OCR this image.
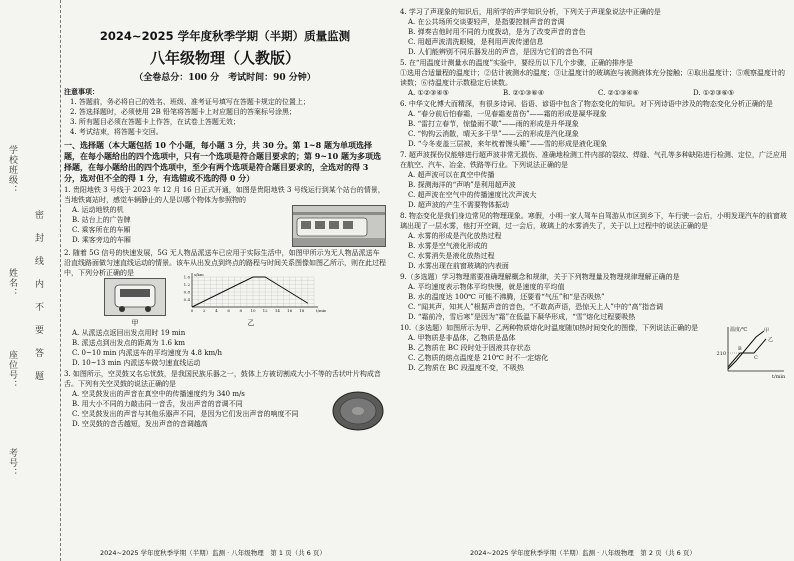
学校班级：
姓名：
座位号：
考号：
密封线内不要答题
2024~2025 学年度秋季学期（半期）质量监测
八年级物理（人教版）
（全卷总分：100 分　考试时间：90 分钟）
注意事项：
1. 答题前，务必将自己的姓名、班级、准考证号填写在答题卡规定的位置上；
2. 答选择题时，必须使用 2B 铅笔将答题卡上对应题目的答案标号涂黑；
3. 所有题目必须在答题卡上作答，在试卷上答题无效；
4. 考试结束，将答题卡交回。
一、选择题（本大题包括 10 个小题，每小题 3 分，共 30 分。第 1~8 题为单项选择题，在每小题给出的四个选项中，只有一个选项是符合题目要求的；第 9~10 题为多项选择题，在每小题给出的四个选项中，至少有两个选项是符合题目要求的，全选对的得 3 分，选对但不全的得 1 分，有选错或不选的得 0 分）
1. 贵阳地铁 3 号线于 2023 年 12 月 16 日正式开通，如图是贵阳地铁 3 号线运行到某个站台的情景，当地铁离站时，感觉车辆静止的人是以哪个物体为参照物的
A. 运动地铁的机
B. 站台上的广告牌
C. 乘客所在的车厢
D. 乘客旁边的车厢
2. 随着 5G 信号的快速发展，5G 无人物品派送车已应用于实际生活中，如图甲所示为无人物品派送车沿直线路面做匀速直线运动的情景。该车从出发点到终点的路程与时间关系图像如图乙所示，则在此过程中，下列分析正确的是
甲
0 2 4 6 8 10 12 14 16 18
0.4
0.8
1.2
1.6
t/min
s/km
乙
A. 从派送点返回出发点用时 19 min
B. 派送点到出发点的距离为 1.6 km
C. 0~10 min 内派送车的平均速度为 4.8 km/h
D. 10~13 min 内派送车做匀速直线运动
3. 如图所示，空灵鼓又名忘忧鼓，是我国民族乐器之一，鼓体上方被切割成大小不等的舌状叶片构成音舌。下列有关空灵鼓的说法正确的是
A. 空灵鼓发出的声音在真空中的传播速度约为 340 m/s
B. 用大小不同的力敲击同一音舌，发出声音的音调不同
C. 空灵鼓发出的声音与其他乐器声不同，是因为它们发出声音的响度不同
D. 空灵鼓的音舌越短，发出声音的音调越高
4. 学习了声现象的知识后，用所学的声学知识分析，下列关于声现象说法中正确的是
A. 在公共场所交谈要轻声，是指要控制声音的音调
B. 弹奏吉他时用不同的力度拨动，是为了改变声音的音色
C. 用超声波清洗眼镜，是利用声波传递信息
D. 人们能辨别不同乐器发出的声音，是因为它们的音色不同
5. 在“用温度计测量水的温度”实验中，要经历以下几个步骤，正确的排序是
①选用合适量程的温度计；②估计被测水的温度；③让温度计的玻璃泡与被测液体充分接触；④取出温度计；⑤观察温度计的读数；⑥待温度计示数稳定后读数。
A. ①②③④⑤	B. ②①③⑥④	C. ②①③④⑥	D. ①②③⑥⑤
6. 中华文化博大而精深，有很多诗词、俗语、谚语中包含了物态变化的知识。对下列诗语中涉及的物态变化分析正确的是
A. “春分前后怕春霜，一见春霜麦苗伤”——霜的形成是凝华现象
B. “雷打立春节，惊蛰雨不歇”——雨的形成是升华现象
C. “钩钩云消散，晴天多干旱”——云的形成是汽化现象
D. “今冬麦盖三层被，来年枕着馒头睡”——雪的形成是液化现象
7. 超声波探伤仪能够进行超声波非常无损伤、准确地检测工件内部的裂纹、焊缝、气孔等多种缺陷进行检测、定位，广泛应用在航空、汽车、冶金、铁路等行业。下列说法正确的是
A. 超声波可以在真空中传播
B. 探测海洋的“声呐”是利用超声波
C. 超声波在空气中的传播速度比次声波大
D. 超声波的产生不需要物体振动
8. 物态变化是我们身边常见的物理现象。寒假，小明一家人驾车自驾游从市区到乡下，车行驶一会后，小明发现汽车的前窗玻璃出现了一层水雾，他打开空调，过一会后，玻璃上的水雾消失了，关于以上过程中的说法正确的是
A. 水雾的形成是汽化放热过程
B. 水雾是空气液化形成的
C. 水雾消失是液化放热过程
D. 水雾出现在前窗玻璃的内表面
9.（多选题）学习物理需要准确理解概念和规律，关于下列物理量及物理规律理解正确的是
A. 平均速度表示物体平均快慢，就是速度的平均值
B. 水的温度达 100℃ 可能不沸腾，还要看“气压”和“是否吸热”
C. “闻其声，知其人”根据声音的音色，“不敢高声语，恐惊天上人”中的“高”指音调
D. “霜前冷，雪后寒”是因为“霜”在低温下凝华形成，“雪”熔化过程要吸热
10.（多选题）如图所示为甲、乙两种物质熔化时温度随加热时间变化的图像，下列说法正确的是
A. 甲物质是非晶体，乙物质是晶体
B. 乙物质在 BC 段时处于固液共存状态
C. 乙物质的熔点温度是 210℃ 时不一定熔化
D. 乙物质在 BC 段温度不变，不吸热
温度/℃
t/min
210
B
C
甲
乙
2024~2025 学年度秋季学期（半期）监测 · 八年级物理　第 1 页（共 6 页）	2024~2025 学年度秋季学期（半期）监测 · 八年级物理　第 2 页（共 6 页）
